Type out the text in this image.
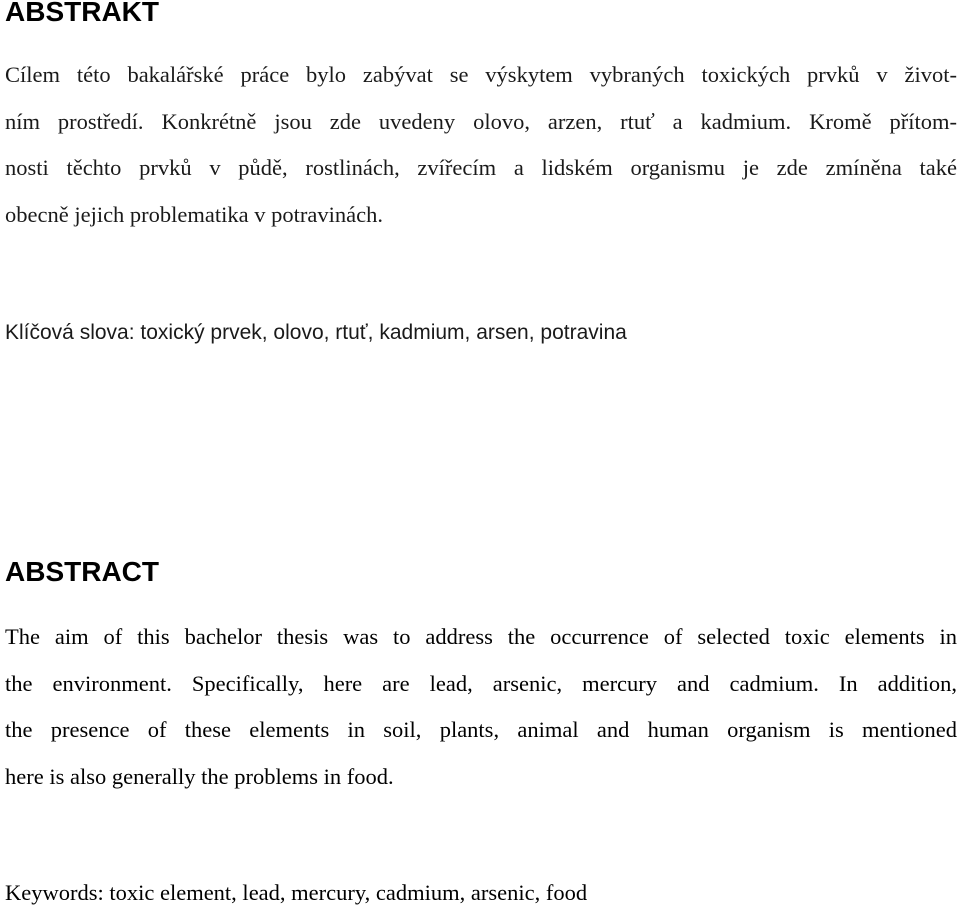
ABSTRAKT
Cílem této bakalářské práce bylo zabývat se výskytem vybraných toxických prvků v život-
ním prostředí. Konkrétně jsou zde uvedeny olovo, arzen, rtuť a kadmium. Kromě přítom-
nosti těchto prvků v půdě, rostlinách, zvířecím a lidském organismu je zde zmíněna také
obecně jejich problematika v potravinách.

Klíčová slova: toxický prvek, olovo, rtuť, kadmium, arsen, potravina

ABSTRACT
The aim of this bachelor thesis was to address the occurrence of selected toxic elements in
the environment. Specifically, here are lead, arsenic, mercury and cadmium. In addition,
the presence of these elements in soil, plants, animal and human organism is mentioned
here is also generally the problems in food.

Keywords: toxic element, lead, mercury, cadmium, arsenic, food
